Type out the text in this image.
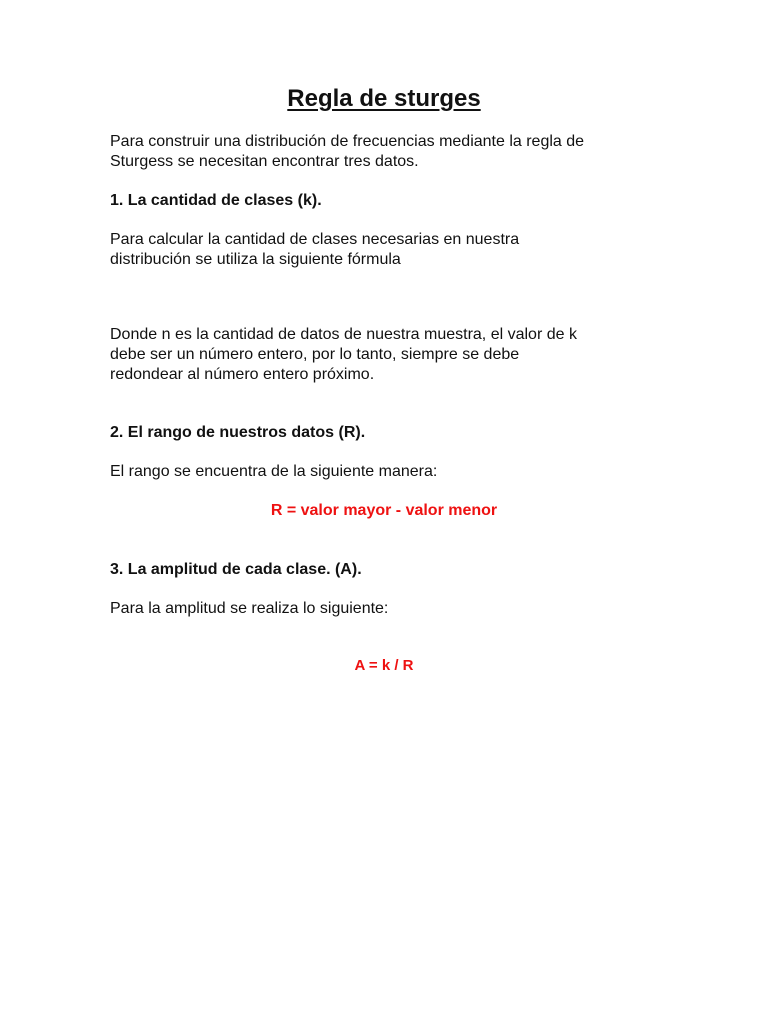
Regla de sturges

Para construir una distribución de frecuencias mediante la regla de
Sturgess se necesitan encontrar tres datos.

1. La cantidad de clases (k).

Para calcular la cantidad de clases necesarias en nuestra
distribución se utiliza la siguiente fórmula

Donde n es la cantidad de datos de nuestra muestra, el valor de k
debe ser un número entero, por lo tanto, siempre se debe
redondear al número entero próximo.

2. El rango de nuestros datos (R).

El rango se encuentra de la siguiente manera:

R = valor mayor - valor menor

3. La amplitud de cada clase. (A).

Para la amplitud se realiza lo siguiente:

A = k / R
